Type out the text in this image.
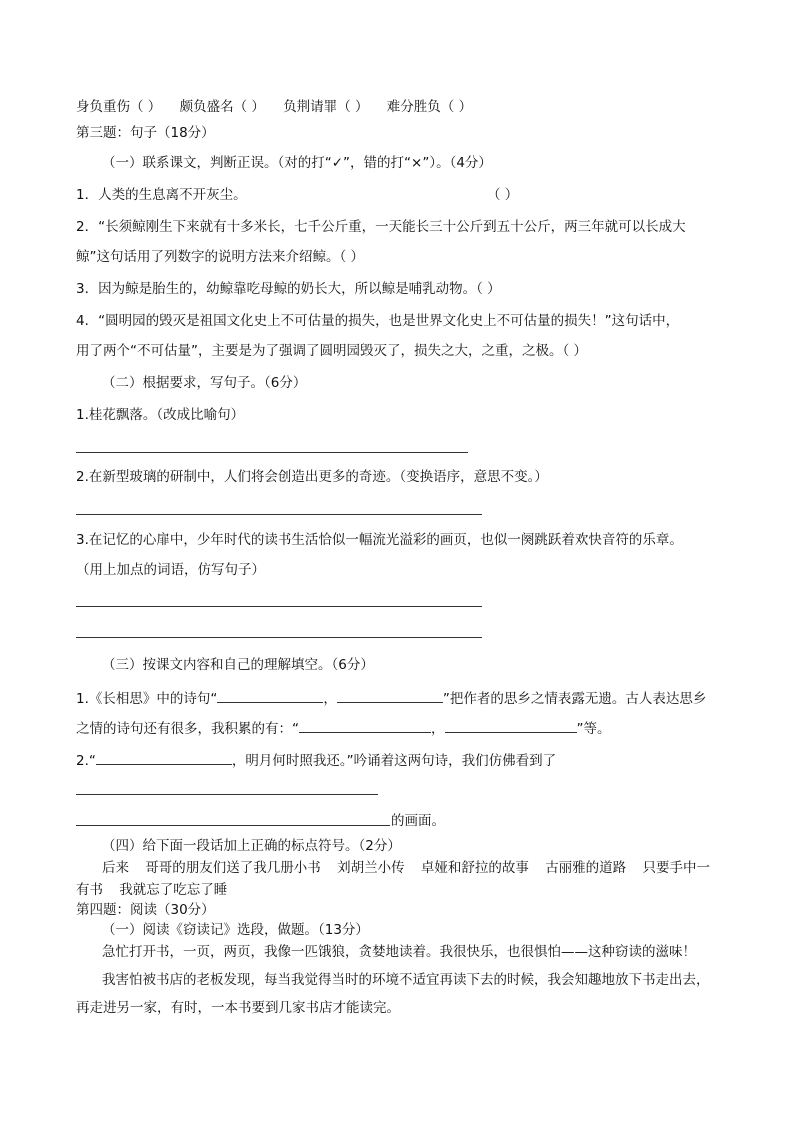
身负重伤（ ） 颇负盛名（ ） 负荆请罪（ ） 难分胜负（ ）
第三题：句子（18分）
（一）联系课文，判断正误。（对的打“✓”，错的打“×”）。（4分）
1．人类的生息离不开灰尘。	（ ）
2．“长须鲸刚生下来就有十多米长，七千公斤重，一天能长三十公斤到五十公斤，两三年就可以长成大
鲸”这句话用了列数字的说明方法来介绍鲸。（ ）
3．因为鲸是胎生的，幼鲸靠吃母鲸的奶长大，所以鲸是哺乳动物。（ ）
4．“圆明园的毁灭是祖国文化史上不可估量的损失，也是世界文化史上不可估量的损失！”这句话中，
用了两个“不可估量”，主要是为了强调了圆明园毁灭了，损失之大，之重，之极。（ ）
（二）根据要求，写句子。（6分）
1.桂花飘落。（改成比喻句）
2.在新型玻璃的研制中，人们将会创造出更多的奇迹。（变换语序，意思不变。）
3.在记忆的心扉中，少年时代的读书生活恰似一幅流光溢彩的画页，也似一阕跳跃着欢快音符的乐章。
（用上加点的词语，仿写句子）
（三）按课文内容和自己的理解填空。（6分）
1.《长相思》中的诗句“	，	”把作者的思乡之情表露无遗。古人表达思乡
之情的诗句还有很多，我积累的有：“	，	”等。
2.“	，明月何时照我还。”吟诵着这两句诗，我们仿佛看到了
的画面。
（四）给下面一段话加上正确的标点符号。（2分）
后来 哥哥的朋友们送了我几册小书 刘胡兰小传 卓娅和舒拉的故事 古丽雅的道路 只要手中一
有书 我就忘了吃忘了睡
第四题：阅读（30分）
（一）阅读《窃读记》选段，做题。（13分）
急忙打开书，一页，两页，我像一匹饿狼，贪婪地读着。我很快乐，也很惧怕——这种窃读的滋味！
我害怕被书店的老板发现，每当我觉得当时的环境不适宜再读下去的时候，我会知趣地放下书走出去，
再走进另一家，有时，一本书要到几家书店才能读完。
